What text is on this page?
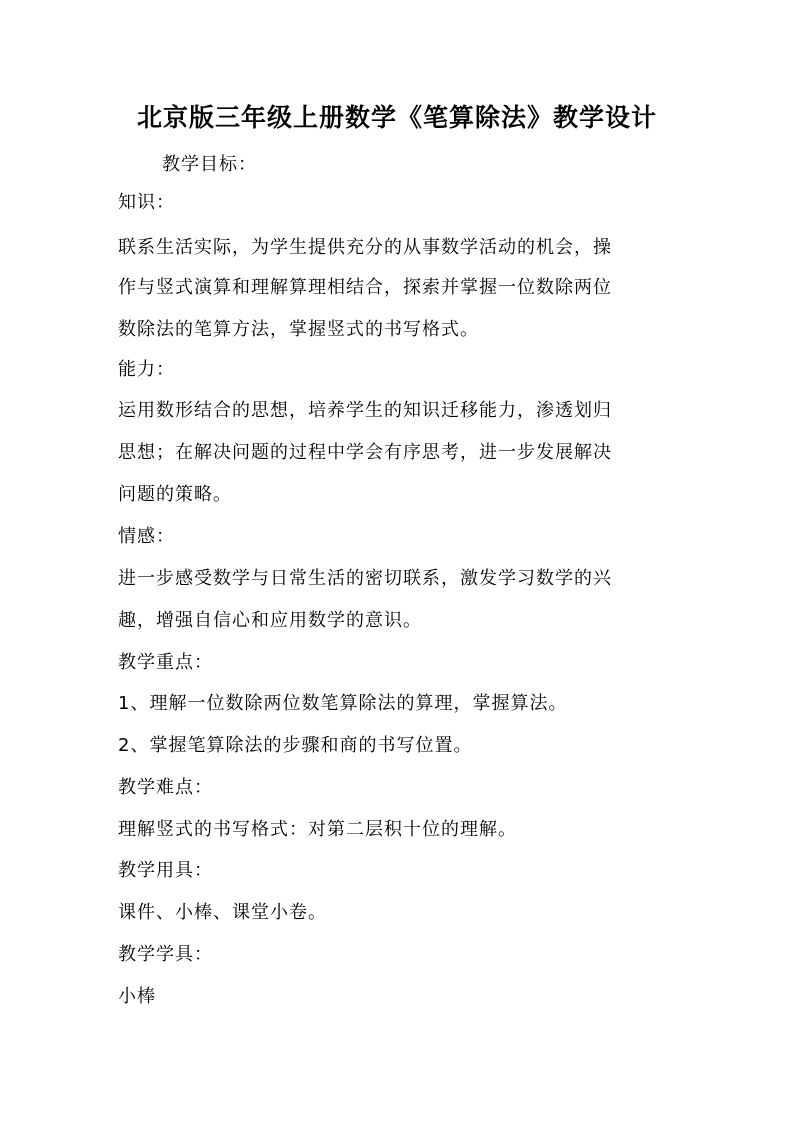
北京版三年级上册数学《笔算除法》教学设计
教学目标：
知识：
联系生活实际，为学生提供充分的从事数学活动的机会，操
作与竖式演算和理解算理相结合，探索并掌握一位数除两位
数除法的笔算方法，掌握竖式的书写格式。
能力：
运用数形结合的思想，培养学生的知识迁移能力，渗透划归
思想；在解决问题的过程中学会有序思考，进一步发展解决
问题的策略。
情感：
进一步感受数学与日常生活的密切联系，激发学习数学的兴
趣，增强自信心和应用数学的意识。
教学重点：
1、理解一位数除两位数笔算除法的算理，掌握算法。
2、掌握笔算除法的步骤和商的书写位置。
教学难点：
理解竖式的书写格式：对第二层积十位的理解。
教学用具：
课件、小棒、课堂小卷。
教学学具：
小棒
